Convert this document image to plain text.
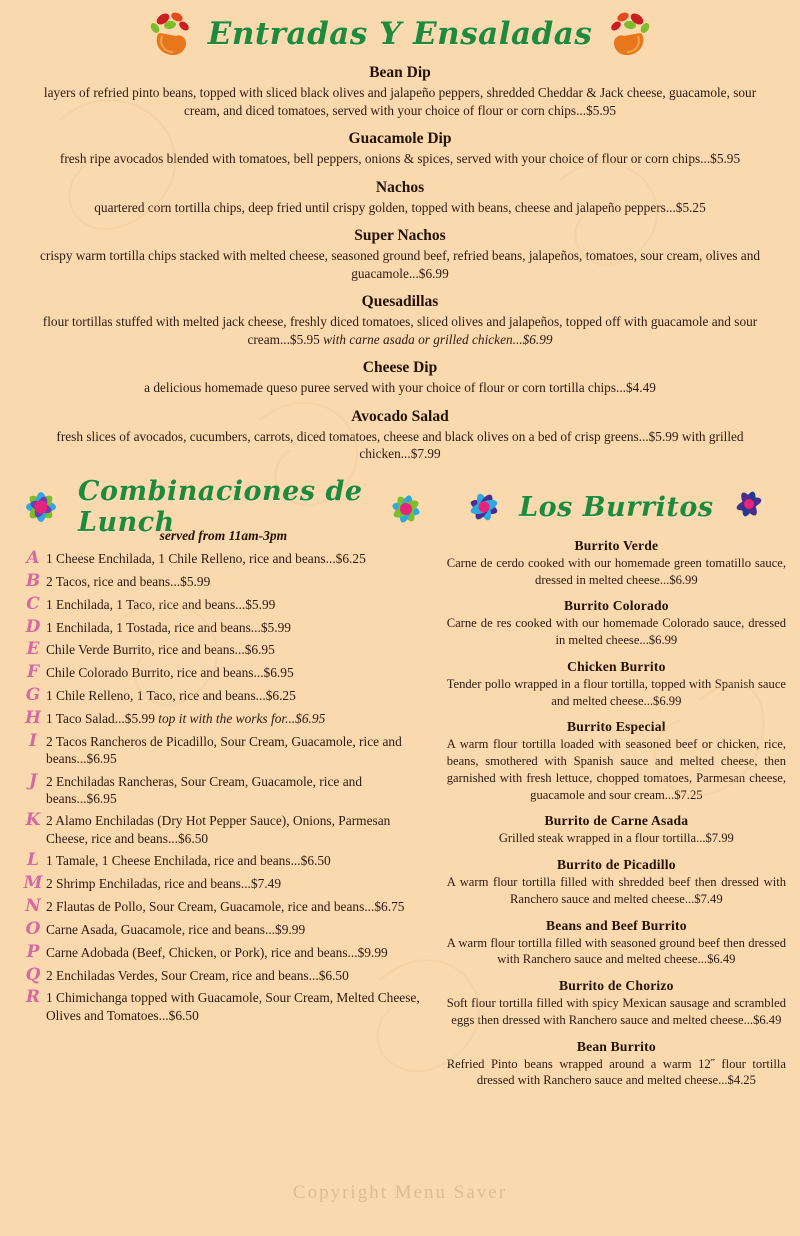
Entradas Y Ensaladas
Bean Dip
layers of refried pinto beans, topped with sliced black olives and jalapeño peppers, shredded Cheddar & Jack cheese, guacamole, sour cream, and diced tomatoes, served with your choice of flour or corn chips...$5.95
Guacamole Dip
fresh ripe avocados blended with tomatoes, bell peppers, onions & spices, served with your choice of flour or corn chips...$5.95
Nachos
quartered corn tortilla chips, deep fried until crispy golden, topped with beans, cheese and jalapeño peppers...$5.25
Super Nachos
crispy warm tortilla chips stacked with melted cheese, seasoned ground beef, refried beans, jalapeños, tomatoes, sour cream, olives and guacamole...$6.99
Quesadillas
flour tortillas stuffed with melted jack cheese, freshly diced tomatoes, sliced olives and jalapeños, topped off with guacamole and sour cream...$5.95 with carne asada or grilled chicken...$6.99
Cheese Dip
a delicious homemade queso puree served with your choice of flour or corn tortilla chips...$4.49
Avocado Salad
fresh slices of avocados, cucumbers, carrots, diced tomatoes, cheese and black olives on a bed of crisp greens...$5.99 with grilled chicken...$7.99
Combinaciones de Lunch
served from 11am-3pm
A 1 Cheese Enchilada, 1 Chile Relleno, rice and beans...$6.25
B 2 Tacos, rice and beans...$5.99
C 1 Enchilada, 1 Taco, rice and beans...$5.99
D 1 Enchilada, 1 Tostada, rice and beans...$5.99
E Chile Verde Burrito, rice and beans...$6.95
F Chile Colorado Burrito, rice and beans...$6.95
G 1 Chile Relleno, 1 Taco, rice and beans...$6.25
H 1 Taco Salad...$5.99 top it with the works for...$6.95
I 2 Tacos Rancheros de Picadillo, Sour Cream, Guacamole, rice and beans...$6.95
J 2 Enchiladas Rancheras, Sour Cream, Guacamole, rice and beans...$6.95
K 2 Alamo Enchiladas (Dry Hot Pepper Sauce), Onions, Parmesan Cheese, rice and beans...$6.50
L 1 Tamale, 1 Cheese Enchilada, rice and beans...$6.50
M 2 Shrimp Enchiladas, rice and beans...$7.49
N 2 Flautas de Pollo, Sour Cream, Guacamole, rice and beans...$6.75
O Carne Asada, Guacamole, rice and beans...$9.99
P Carne Adobada (Beef, Chicken, or Pork), rice and beans...$9.99
Q 2 Enchiladas Verdes, Sour Cream, rice and beans...$6.50
R 1 Chimichanga topped with Guacamole, Sour Cream, Melted Cheese, Olives and Tomatoes...$6.50
Los Burritos
Burrito Verde
Carne de cerdo cooked with our homemade green tomatillo sauce, dressed in melted cheese...$6.99
Burrito Colorado
Carne de res cooked with our homemade Colorado sauce, dressed in melted cheese...$6.99
Chicken Burrito
Tender pollo wrapped in a flour tortilla, topped with Spanish sauce and melted cheese...$6.99
Burrito Especial
A warm flour tortilla loaded with seasoned beef or chicken, rice, beans, smothered with Spanish sauce and melted cheese, then garnished with fresh lettuce, chopped tomatoes, Parmesan cheese, guacamole and sour cream...$7.25
Burrito de Carne Asada
Grilled steak wrapped in a flour tortilla...$7.99
Burrito de Picadillo
A warm flour tortilla filled with shredded beef then dressed with Ranchero sauce and melted cheese...$7.49
Beans and Beef Burrito
A warm flour tortilla filled with seasoned ground beef then dressed with Ranchero sauce and melted cheese...$6.49
Burrito de Chorizo
Soft flour tortilla filled with spicy Mexican sausage and scrambled eggs then dressed with Ranchero sauce and melted cheese...$6.49
Bean Burrito
Refried Pinto beans wrapped around a warm 12˝ flour tortilla dressed with Ranchero sauce and melted cheese...$4.25
Copyright Menu Saver
